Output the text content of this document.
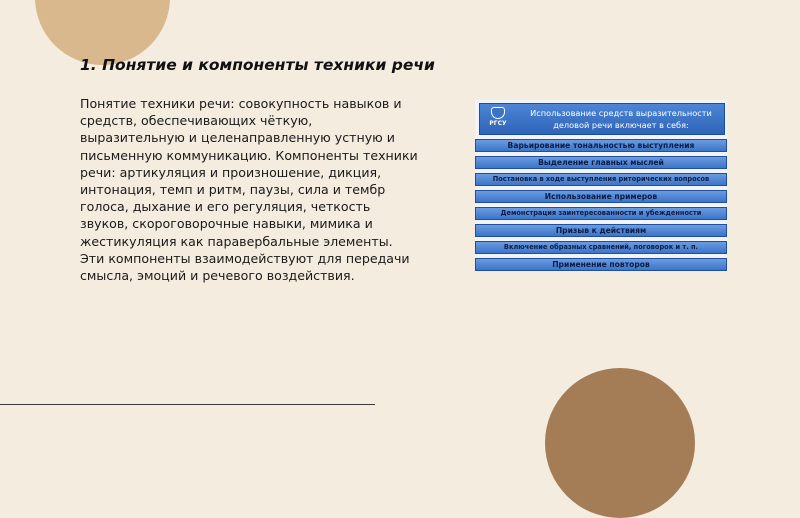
1. Понятие и компоненты техники речи

Понятие техники речи: совокупность навыков и средств, обеспечивающих чёткую, выразительную и целенаправленную устную и письменную коммуникацию. Компоненты техники речи: артикуляция и произношение, дикция, интонация, темп и ритм, паузы, сила и тембр голоса, дыхание и его регуляция, четкость звуков, скороговорочные навыки, мимика и жестикуляция как паравербальные элементы. Эти компоненты взаимодействуют для передачи смысла, эмоций и речевого воздействия.

РГСУ
Использование средств выразительности деловой речи включает в себя:
Варьирование тональностью выступления
Выделение главных мыслей
Постановка в ходе выступления риторических вопросов
Использование примеров
Демонстрация заинтересованности и убежденности
Призыв к действиям
Включение образных сравнений, поговорок и т. п.
Применение повторов
